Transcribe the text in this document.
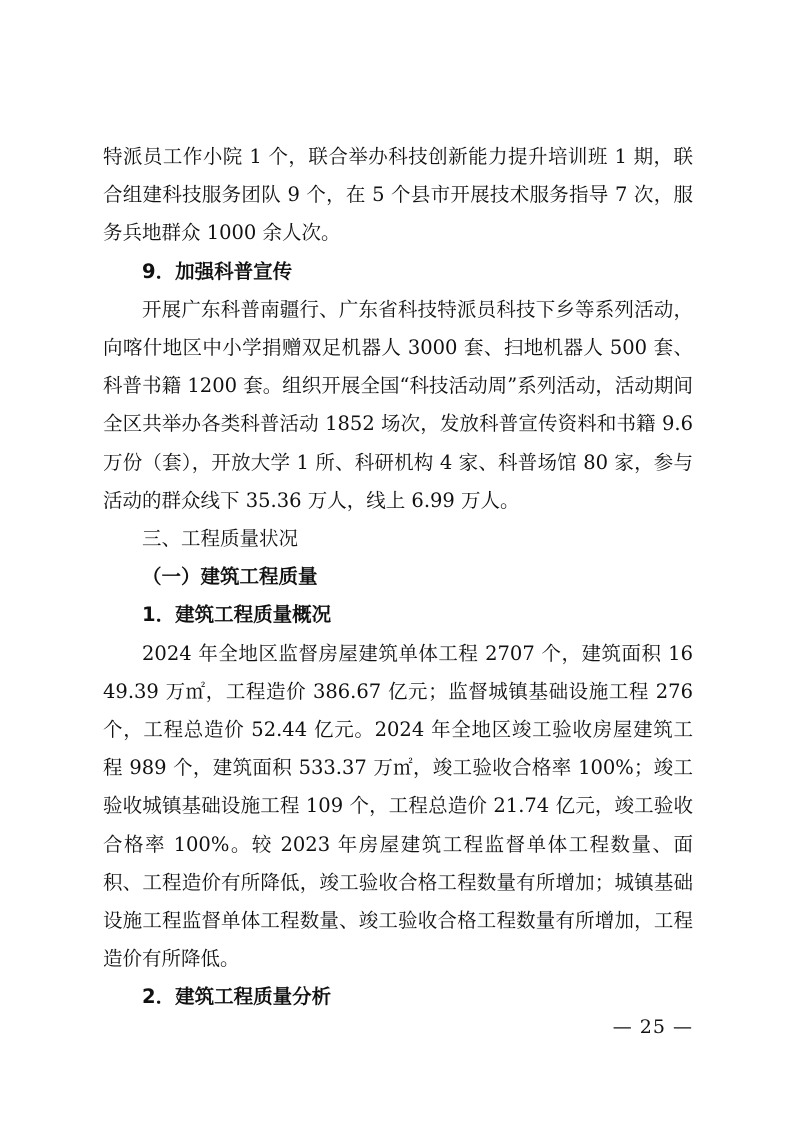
特派员工作小院 1 个，联合举办科技创新能力提升培训班 1 期，联合组建科技服务团队 9 个，在 5 个县市开展技术服务指导 7 次，服务兵地群众 1000 余人次。

9．加强科普宣传

开展广东科普南疆行、广东省科技特派员科技下乡等系列活动，向喀什地区中小学捐赠双足机器人 3000 套、扫地机器人 500 套、科普书籍 1200 套。组织开展全国“科技活动周”系列活动，活动期间全区共举办各类科普活动 1852 场次，发放科普宣传资料和书籍 9.6 万份（套），开放大学 1 所、科研机构 4 家、科普场馆 80 家，参与活动的群众线下 35.36 万人，线上 6.99 万人。

三、工程质量状况

（一）建筑工程质量

1．建筑工程质量概况

2024 年全地区监督房屋建筑单体工程 2707 个，建筑面积 1649.39 万㎡，工程造价 386.67 亿元；监督城镇基础设施工程 276 个，工程总造价 52.44 亿元。2024 年全地区竣工验收房屋建筑工程 989 个，建筑面积 533.37 万㎡，竣工验收合格率 100%；竣工验收城镇基础设施工程 109 个，工程总造价 21.74 亿元，竣工验收合格率 100%。较 2023 年房屋建筑工程监督单体工程数量、面积、工程造价有所降低，竣工验收合格工程数量有所增加；城镇基础设施工程监督单体工程数量、竣工验收合格工程数量有所增加，工程造价有所降低。

2．建筑工程质量分析

— 25 —
